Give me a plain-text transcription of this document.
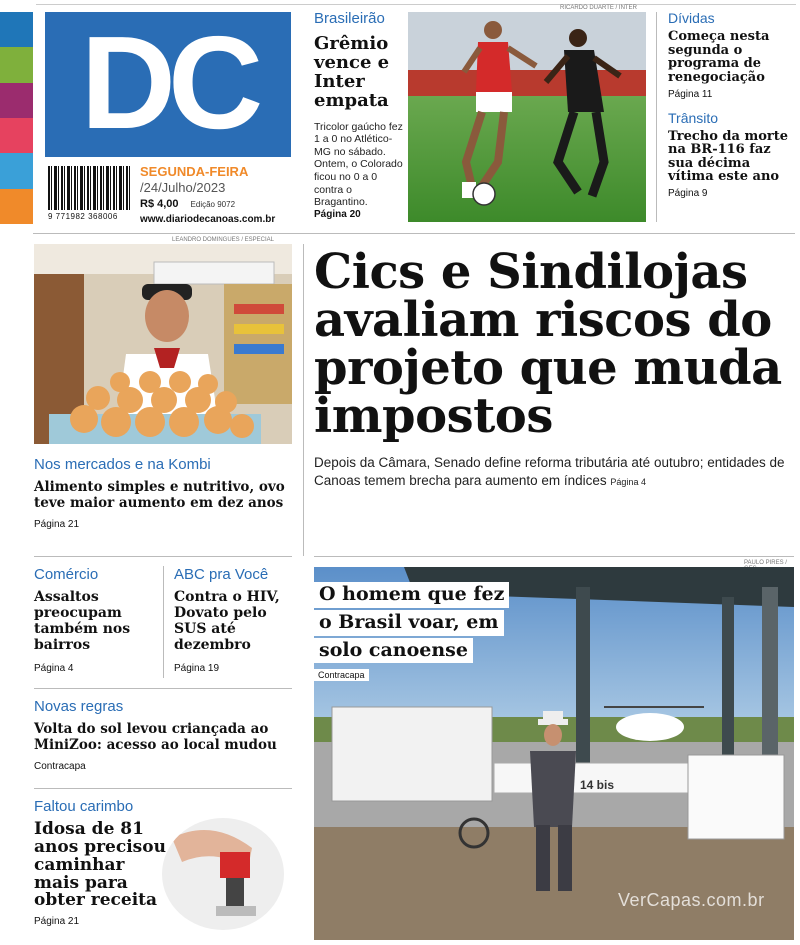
DC
9 771982 368006
SEGUNDA-FEIRA
/24/Julho/2023
R$ 4,00 Edição 9072
www.diariodecanoas.com.br
Brasileirão
Grêmio vence e Inter empata
Tricolor gaúcho fez 1 a 0 no Atlético-MG no sábado. Ontem, o Colorado ficou no 0 a 0 contra o Bragantino.
Página 20
RICARDO DUARTE / INTER
Dívidas
Começa nesta segunda o programa de renegociação
Página 11
Trânsito
Trecho da morte na BR-116 faz sua décima vítima este ano
Página 9
LEANDRO DOMINGUES / ESPECIAL
Nos mercados e na Kombi
Alimento simples e nutritivo, ovo teve maior aumento em dez anos
Página 21
Cics e Sindilojas avaliam riscos do projeto que muda impostos
Depois da Câmara, Senado define reforma tributária até outubro; entidades de Canoas temem brecha para aumento em índices Página 4
Comércio
Assaltos preocupam também nos bairros
Página 4
ABC pra Você
Contra o HIV, Dovato pelo SUS até dezembro
Página 19
Novas regras
Volta do sol levou criançada ao MiniZoo: acesso ao local mudou
Contracapa
Faltou carimbo
Idosa de 81 anos precisou caminhar mais para obter receita
Página 21
PAULO PIRES /
14 bis
O homem que fez
o Brasil voar, em
solo canoense
Contracapa
VerCapas.com.br
